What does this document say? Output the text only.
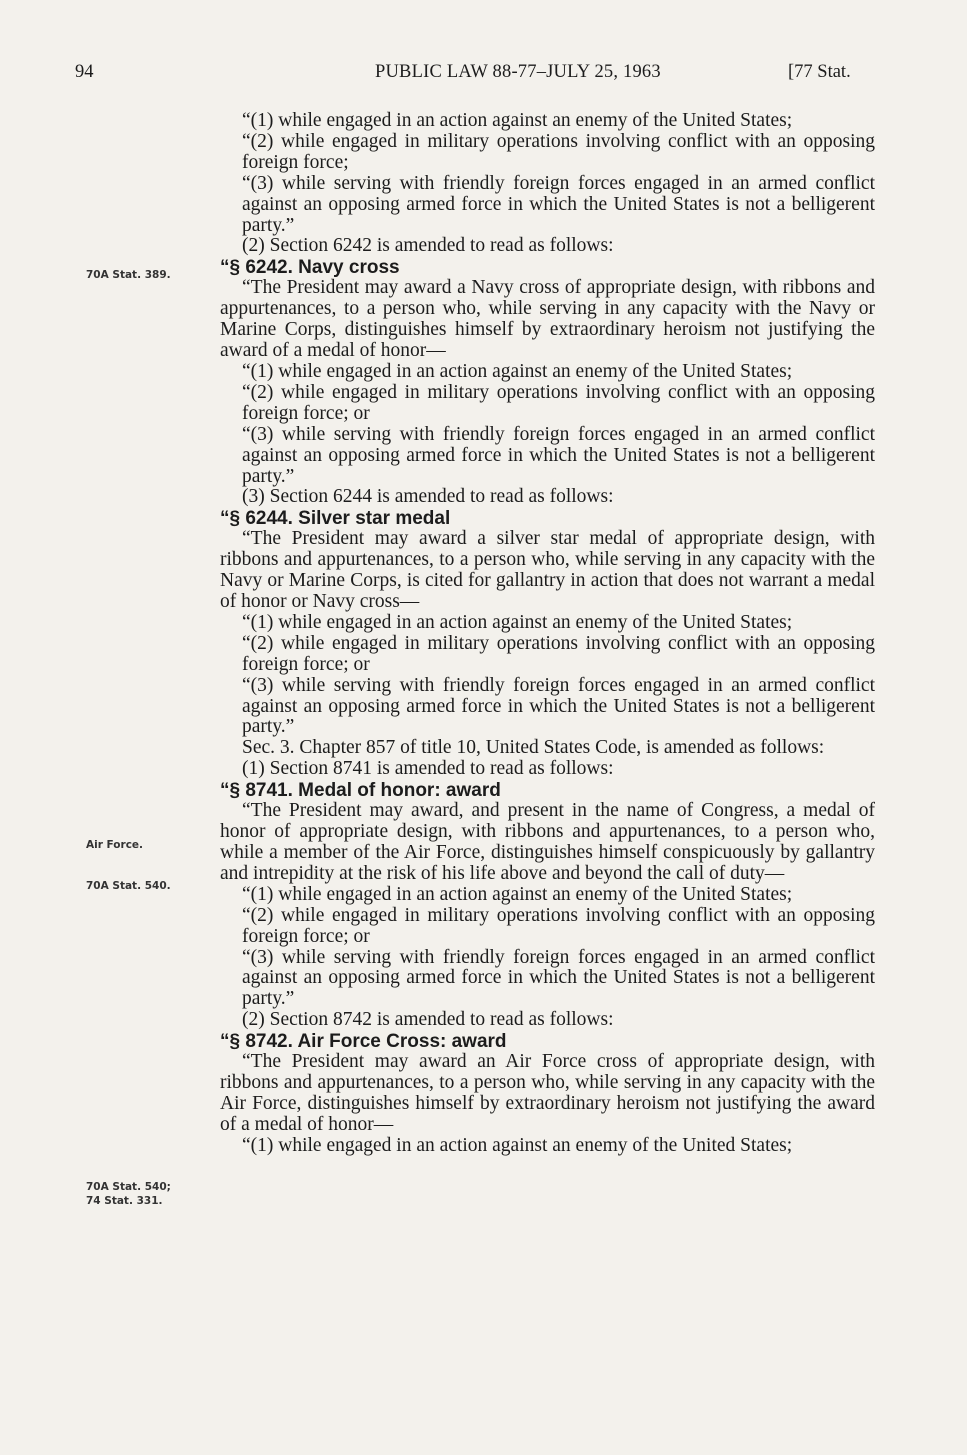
94	PUBLIC LAW 88-77–JULY 25, 1963	[77 Stat.
70A Stat. 389.
Air Force.
70A Stat. 540.
70A Stat. 540;
74 Stat. 331.

“(1) while engaged in an action against an enemy of the United States;

“(2) while engaged in military operations involving conflict with an opposing foreign force;

“(3) while serving with friendly foreign forces engaged in an armed conflict against an opposing armed force in which the United States is not a belligerent party.”

(2) Section 6242 is amended to read as follows:

“§ 6242. Navy cross

“The President may award a Navy cross of appropriate design, with ribbons and appurtenances, to a person who, while serving in any capacity with the Navy or Marine Corps, distinguishes himself by extraordinary heroism not justifying the award of a medal of honor—

“(1) while engaged in an action against an enemy of the United States;

“(2) while engaged in military operations involving conflict with an opposing foreign force; or

“(3) while serving with friendly foreign forces engaged in an armed conflict against an opposing armed force in which the United States is not a belligerent party.”

(3) Section 6244 is amended to read as follows:

“§ 6244. Silver star medal

“The President may award a silver star medal of appropriate design, with ribbons and appurtenances, to a person who, while serving in any capacity with the Navy or Marine Corps, is cited for gallantry in action that does not warrant a medal of honor or Navy cross—

“(1) while engaged in an action against an enemy of the United States;

“(2) while engaged in military operations involving conflict with an opposing foreign force; or

“(3) while serving with friendly foreign forces engaged in an armed conflict against an opposing armed force in which the United States is not a belligerent party.”

Sec. 3. Chapter 857 of title 10, United States Code, is amended as follows:

(1) Section 8741 is amended to read as follows:

“§ 8741. Medal of honor: award

“The President may award, and present in the name of Congress, a medal of honor of appropriate design, with ribbons and appurtenances, to a person who, while a member of the Air Force, distinguishes himself conspicuously by gallantry and intrepidity at the risk of his life above and beyond the call of duty—

“(1) while engaged in an action against an enemy of the United States;

“(2) while engaged in military operations involving conflict with an opposing foreign force; or

“(3) while serving with friendly foreign forces engaged in an armed conflict against an opposing armed force in which the United States is not a belligerent party.”

(2) Section 8742 is amended to read as follows:

“§ 8742. Air Force Cross: award

“The President may award an Air Force cross of appropriate design, with ribbons and appurtenances, to a person who, while serving in any capacity with the Air Force, distinguishes himself by extraordinary heroism not justifying the award of a medal of honor—

“(1) while engaged in an action against an enemy of the United States;
